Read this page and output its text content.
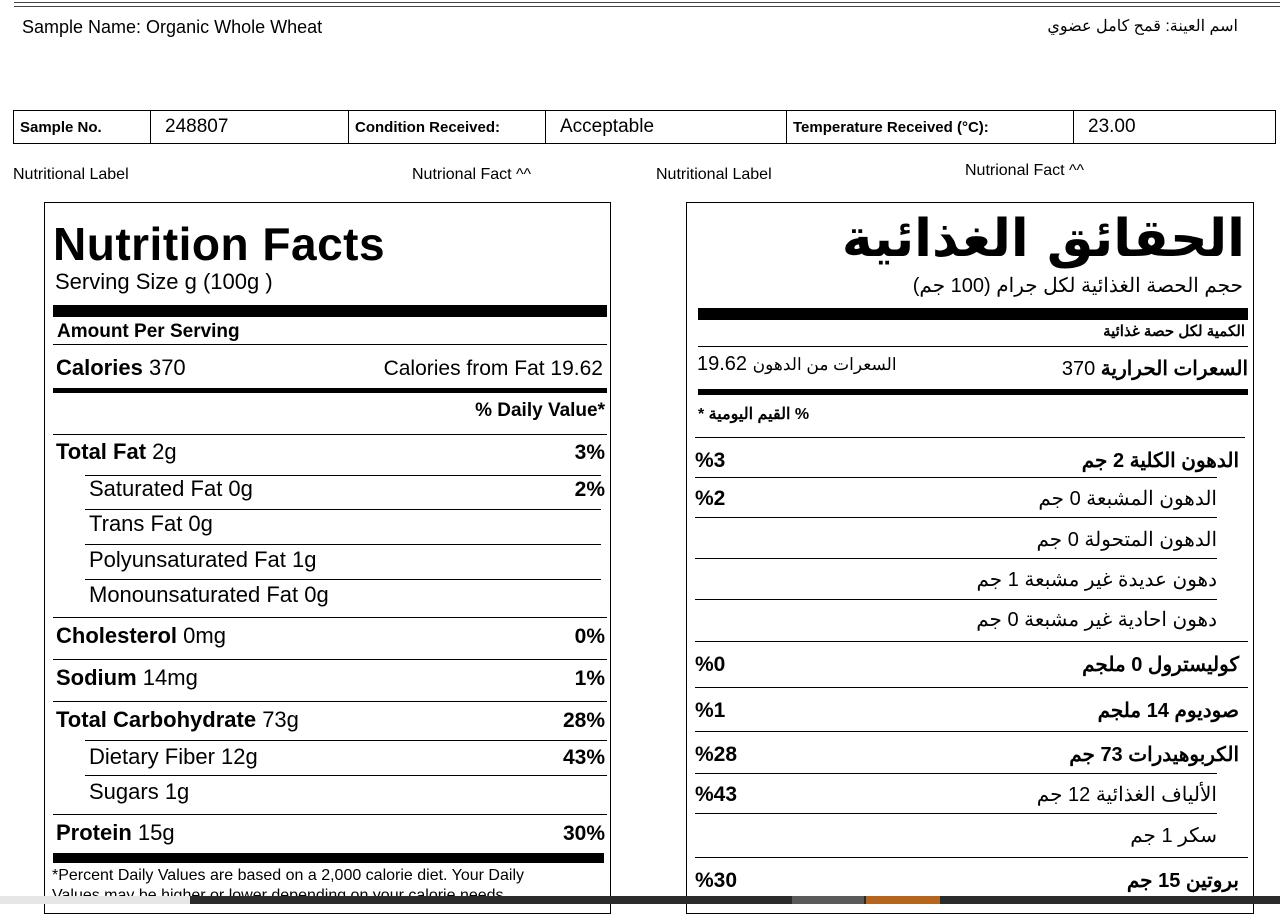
Sample Name: Organic Whole Wheat	اسم العينة: قمح كامل عضوي
Sample No.	248807	Condition Received:	Acceptable	Temperature Received (°C):	23.00
Nutritional Label	Nutrional Fact ^^	Nutritional Label	Nutrional Fact ^^
Nutrition Facts
Serving Size g (100g )
Amount Per Serving
Calories 370	Calories from Fat 19.62
% Daily Value*
Total Fat 2g	3%
Saturated Fat 0g	2%
Trans Fat 0g
Polyunsaturated Fat 1g
Monounsaturated Fat 0g
Cholesterol 0mg	0%
Sodium 14mg	1%
Total Carbohydrate 73g	28%
Dietary Fiber 12g	43%
Sugars 1g
Protein 15g	30%
*Percent Daily Values are based on a 2,000 calorie diet. Your Daily
الحقائق الغذائية
حجم الحصة الغذائية لكل جرام (100 جم)
الكمية لكل حصة غذائية
السعرات من الدهون 19.62	السعرات الحرارية 370
% القيم اليومية *
%3	الدهون الكلية 2 جم
%2	الدهون المشبعة 0 جم
الدهون المتحولة 0 جم
دهون عديدة غير مشبعة 1 جم
دهون احادية غير مشبعة 0 جم
%0	كوليسترول 0 ملجم
%1	صوديوم 14 ملجم
%28	الكربوهيدرات 73 جم
%43	الألياف الغذائية 12 جم
سكر 1 جم
%30	بروتين 15 جم
